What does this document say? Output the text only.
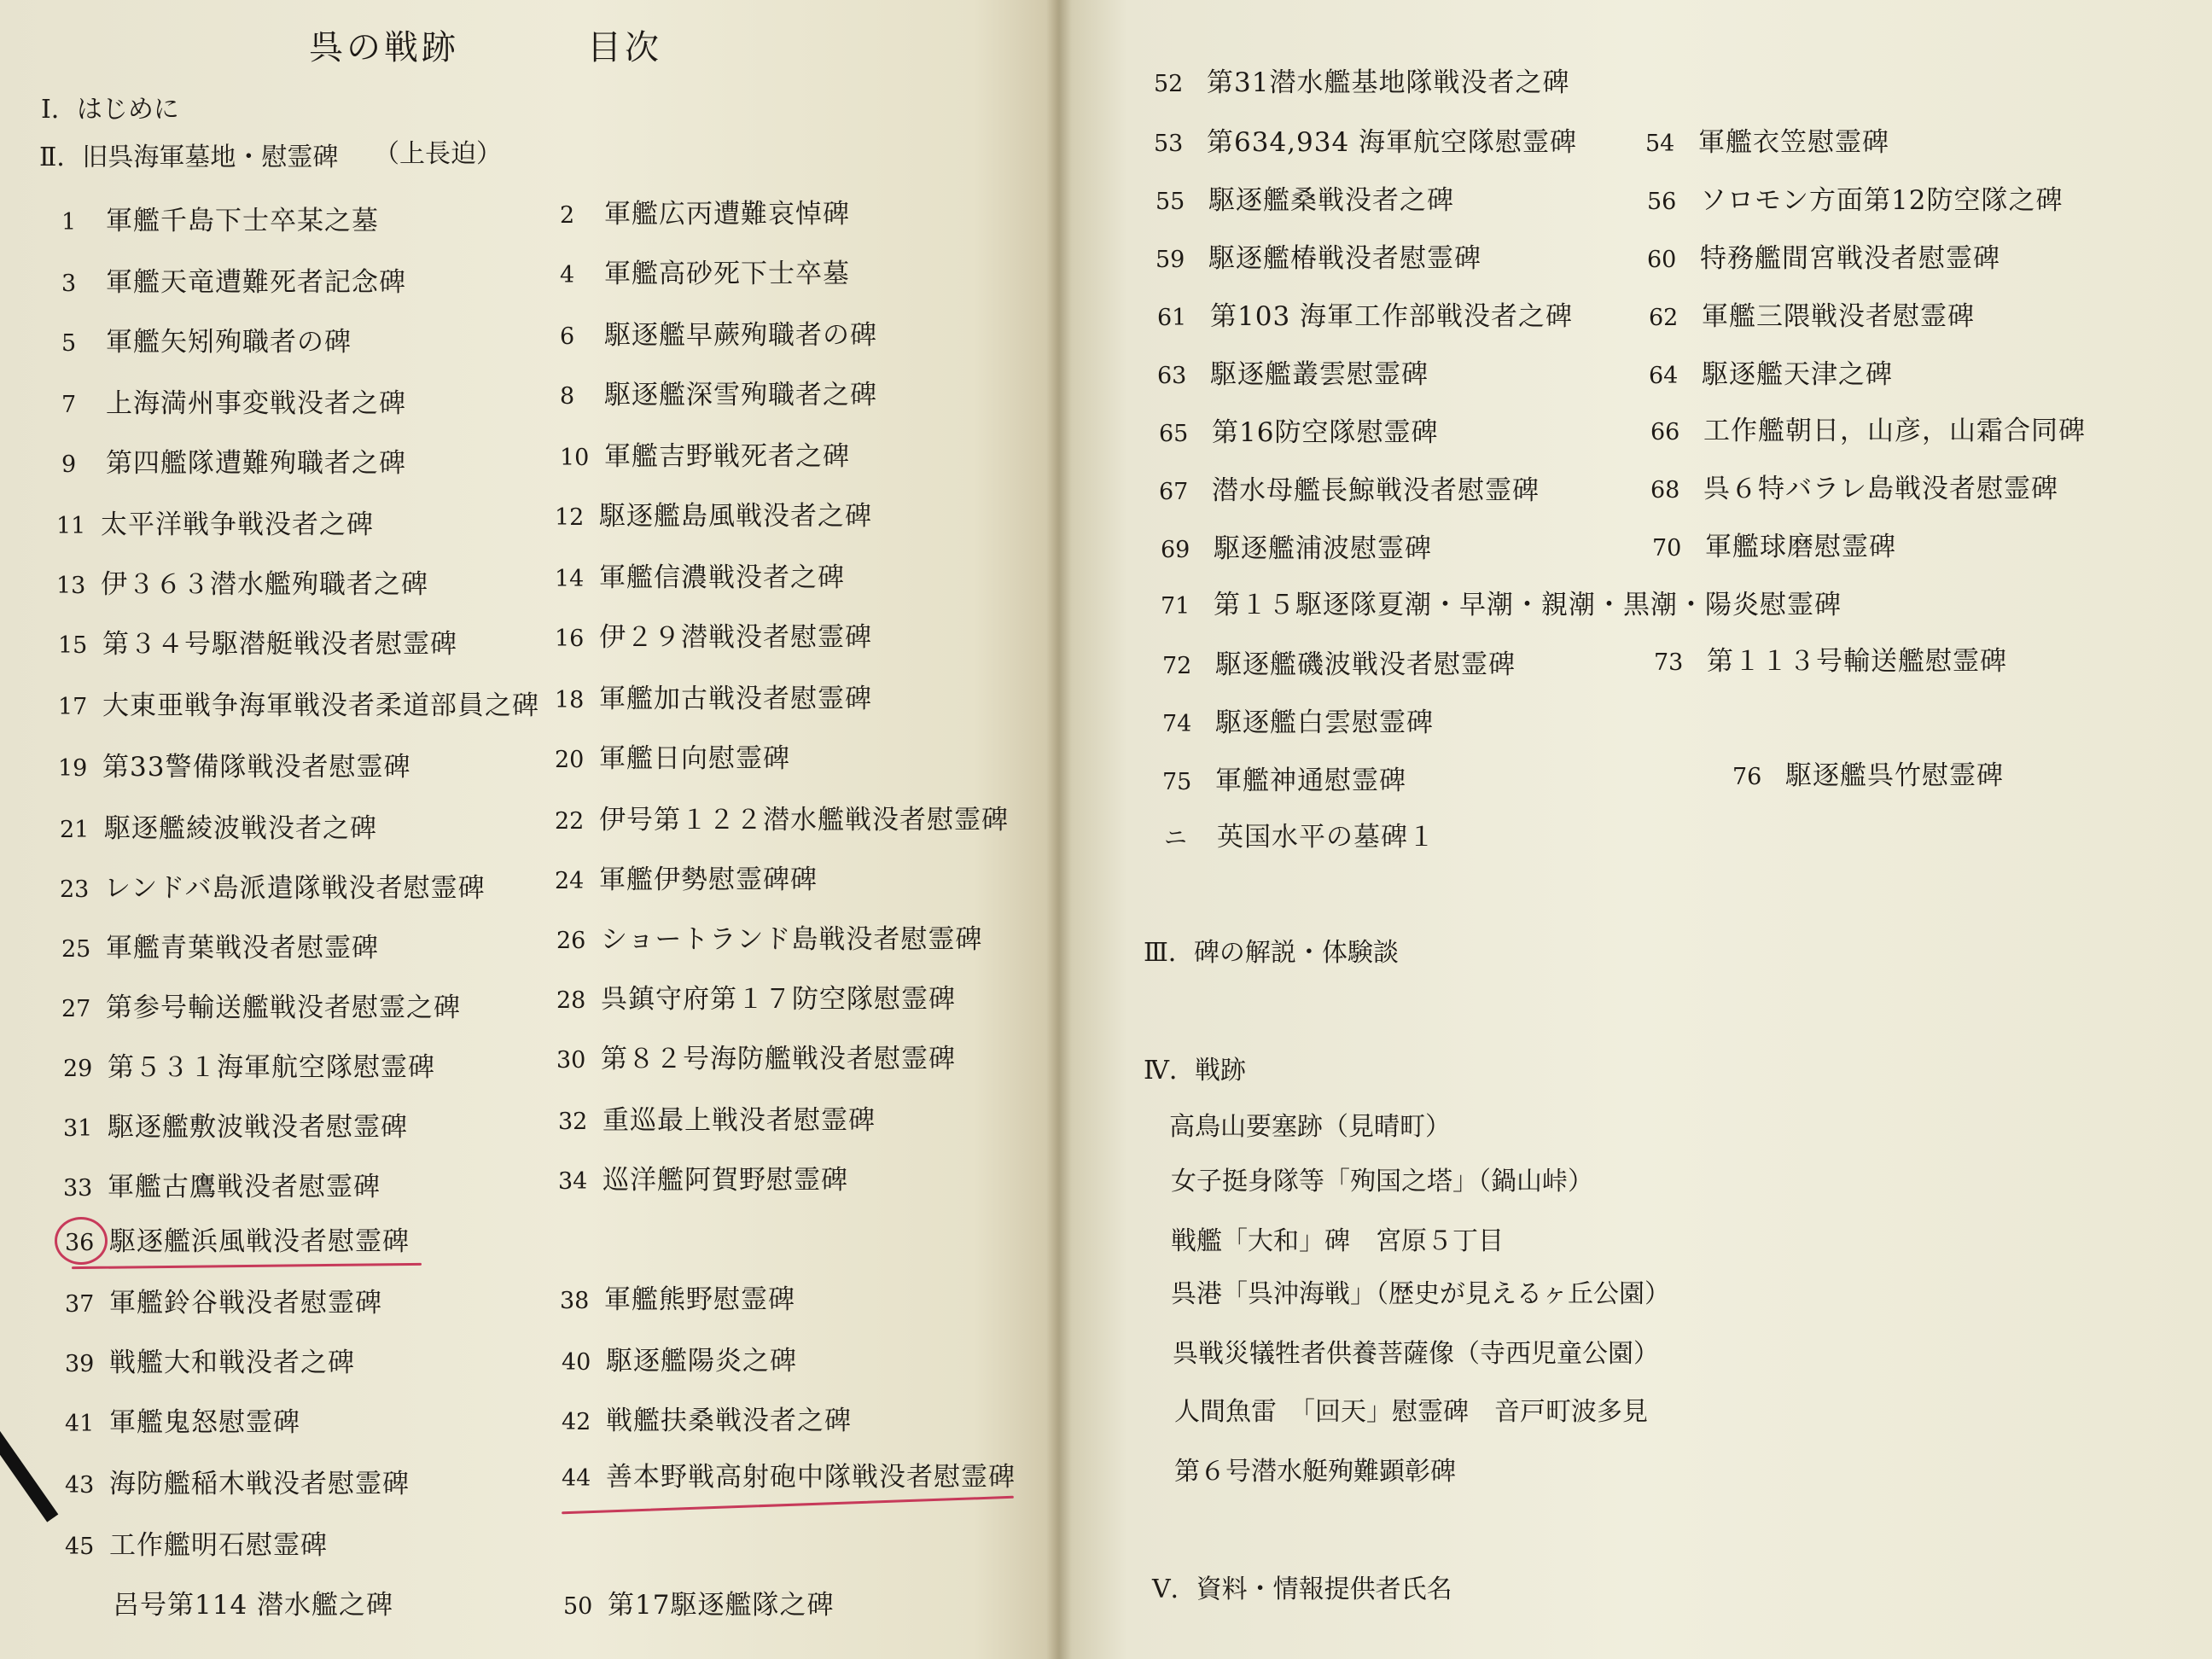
呉の戦跡	目次
Ⅰ．はじめに
Ⅱ．旧呉海軍墓地・慰霊碑 （上長迫）
1	軍艦千島下士卒某之墓	2	軍艦広丙遭難哀悼碑
3	軍艦天竜遭難死者記念碑	4	軍艦高砂死下士卒墓
5	軍艦矢矧殉職者の碑	6	駆逐艦早蕨殉職者の碑
7	上海満州事変戦没者之碑	8	駆逐艦深雪殉職者之碑
9	第四艦隊遭難殉職者之碑	10 軍艦吉野戦死者之碑
11 太平洋戦争戦没者之碑	12 駆逐艦島風戦没者之碑
13 伊３６３潜水艦殉職者之碑	14 軍艦信濃戦没者之碑
15 第３４号駆潜艇戦没者慰霊碑	16 伊２９潜戦没者慰霊碑
17 大東亜戦争海軍戦没者柔道部員之碑 18 軍艦加古戦没者慰霊碑
19 第33警備隊戦没者慰霊碑	20 軍艦日向慰霊碑
21 駆逐艦綾波戦没者之碑	22 伊号第１２２潜水艦戦没者慰霊碑
23 レンドバ島派遣隊戦没者慰霊碑	24 軍艦伊勢慰霊碑碑
25 軍艦青葉戦没者慰霊碑	26 ショートランド島戦没者慰霊碑
27 第参号輸送艦戦没者慰霊之碑	28 呉鎮守府第１７防空隊慰霊碑
29 第５３１海軍航空隊慰霊碑	30 第８２号海防艦戦没者慰霊碑
31 駆逐艦敷波戦没者慰霊碑	32 重巡最上戦没者慰霊碑
33 軍艦古鷹戦没者慰霊碑	34 巡洋艦阿賀野慰霊碑
36 駆逐艦浜風戦没者慰霊碑
37 軍艦鈴谷戦没者慰霊碑	38 軍艦熊野慰霊碑
39 戦艦大和戦没者之碑	40 駆逐艦陽炎之碑
41 軍艦鬼怒慰霊碑	42 戦艦扶桑戦没者之碑
43 海防艦稲木戦没者慰霊碑	44 善本野戦高射砲中隊戦没者慰霊碑
45 工作艦明石慰霊碑
呂号第114 潜水艦之碑	50 第17駆逐艦隊之碑
52 第31潜水艦基地隊戦没者之碑
53 第634,934 海軍航空隊慰霊碑	54 軍艦衣笠慰霊碑
55 駆逐艦桑戦没者之碑	56 ソロモン方面第12防空隊之碑
59 駆逐艦椿戦没者慰霊碑	60 特務艦間宮戦没者慰霊碑
61 第103 海軍工作部戦没者之碑	62 軍艦三隈戦没者慰霊碑
63 駆逐艦叢雲慰霊碑	64 駆逐艦天津之碑
65 第16防空隊慰霊碑	66 工作艦朝日，山彦，山霜合同碑
67 潜水母艦長鯨戦没者慰霊碑	68 呉６特バラレ島戦没者慰霊碑
69 駆逐艦浦波慰霊碑	70 軍艦球磨慰霊碑
71 第１５駆逐隊夏潮・早潮・親潮・黒潮・陽炎慰霊碑
72 駆逐艦磯波戦没者慰霊碑	73 第１１３号輸送艦慰霊碑
74 駆逐艦白雲慰霊碑
75 軍艦神通慰霊碑	76 駆逐艦呉竹慰霊碑
ニ	英国水平の墓碑１
Ⅲ．碑の解説・体験談
Ⅳ．戦跡
高鳥山要塞跡（見晴町）
女子挺身隊等「殉国之塔」（鍋山峠）
戦艦「大和」碑　宮原５丁目
呉港「呉沖海戦」（歴史が見えるヶ丘公園）
呉戦災犠牲者供養菩薩像（寺西児童公園）
人間魚雷　「回天」慰霊碑　音戸町波多見
第６号潜水艇殉難顕彰碑
Ⅴ．資料・情報提供者氏名
